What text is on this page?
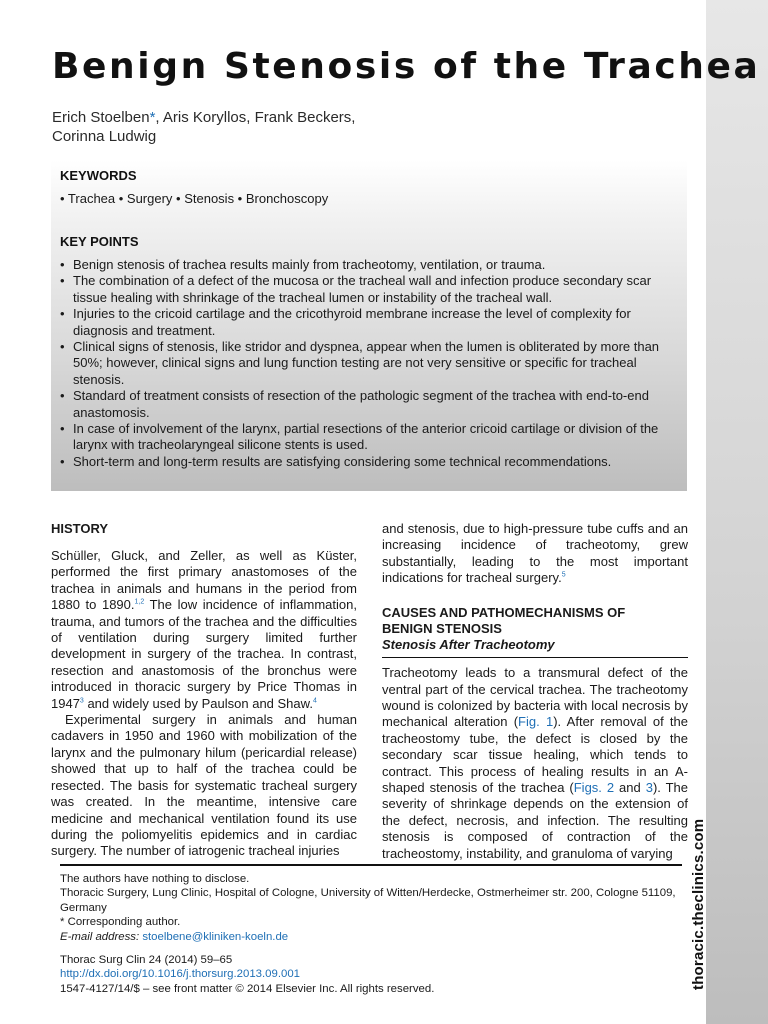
thoracic.theclinics.com
Benign Stenosis of the Trachea
Erich Stoelben*, Aris Koryllos, Frank Beckers,
Corinna Ludwig
KEYWORDS
• Trachea • Surgery • Stenosis • Bronchoscopy
KEY POINTS
• Benign stenosis of trachea results mainly from tracheotomy, ventilation, or trauma.
• The combination of a defect of the mucosa or the tracheal wall and infection produce secondary scar tissue healing with shrinkage of the tracheal lumen or instability of the tracheal wall.
• Injuries to the cricoid cartilage and the cricothyroid membrane increase the level of complexity for diagnosis and treatment.
• Clinical signs of stenosis, like stridor and dyspnea, appear when the lumen is obliterated by more than 50%; however, clinical signs and lung function testing are not very sensitive or specific for tracheal stenosis.
• Standard of treatment consists of resection of the pathologic segment of the trachea with end-to-end anastomosis.
• In case of involvement of the larynx, partial resections of the anterior cricoid cartilage or division of the larynx with tracheolaryngeal silicone stents is used.
• Short-term and long-term results are satisfying considering some technical recommendations.
HISTORY

Schüller, Gluck, and Zeller, as well as Küster, performed the first primary anastomoses of the trachea in animals and humans in the period from 1880 to 1890.$^{1,2}$ The low incidence of inflammation, trauma, and tumors of the trachea and the difficulties of ventilation during surgery limited further development in surgery of the trachea. In contrast, resection and anastomosis of the bronchus were introduced in thoracic surgery by Price Thomas in 1947$^3$ and widely used by Paulson and Shaw.$^4$

Experimental surgery in animals and human cadavers in 1950 and 1960 with mobilization of the larynx and the pulmonary hilum (pericardial release) showed that up to half of the trachea could be resected. The basis for systematic tracheal surgery was created. In the meantime, intensive care medicine and mechanical ventilation found its use during the poliomyelitis epidemics and in cardiac surgery. The number of iatrogenic tracheal injuries

and stenosis, due to high-pressure tube cuffs and an increasing incidence of tracheotomy, grew substantially, leading to the most important indications for tracheal surgery.$^5$

CAUSES AND PATHOMECHANISMS OF
BENIGN STENOSIS
Stenosis After Tracheotomy

Tracheotomy leads to a transmural defect of the ventral part of the cervical trachea. The tracheotomy wound is colonized by bacteria with local necrosis by mechanical alteration (Fig. 1). After removal of the tracheostomy tube, the defect is closed by the secondary scar tissue healing, which tends to contract. This process of healing results in an A-shaped stenosis of the trachea (Figs. 2 and 3). The severity of shrinkage depends on the extension of the defect, necrosis, and infection. The resulting stenosis is composed of contraction of the tracheostomy, instability, and granuloma of varying

The authors have nothing to disclose.

Thoracic Surgery, Lung Clinic, Hospital of Cologne, University of Witten/Herdecke, Ostmerheimer str. 200, Cologne 51109, Germany

* Corresponding author.

E-mail address: stoelbene@kliniken-koeln.de

Thorac Surg Clin 24 (2014) 59–65

http://dx.doi.org/10.1016/j.thorsurg.2013.09.001

1547-4127/14/$ – see front matter © 2014 Elsevier Inc. All rights reserved.
